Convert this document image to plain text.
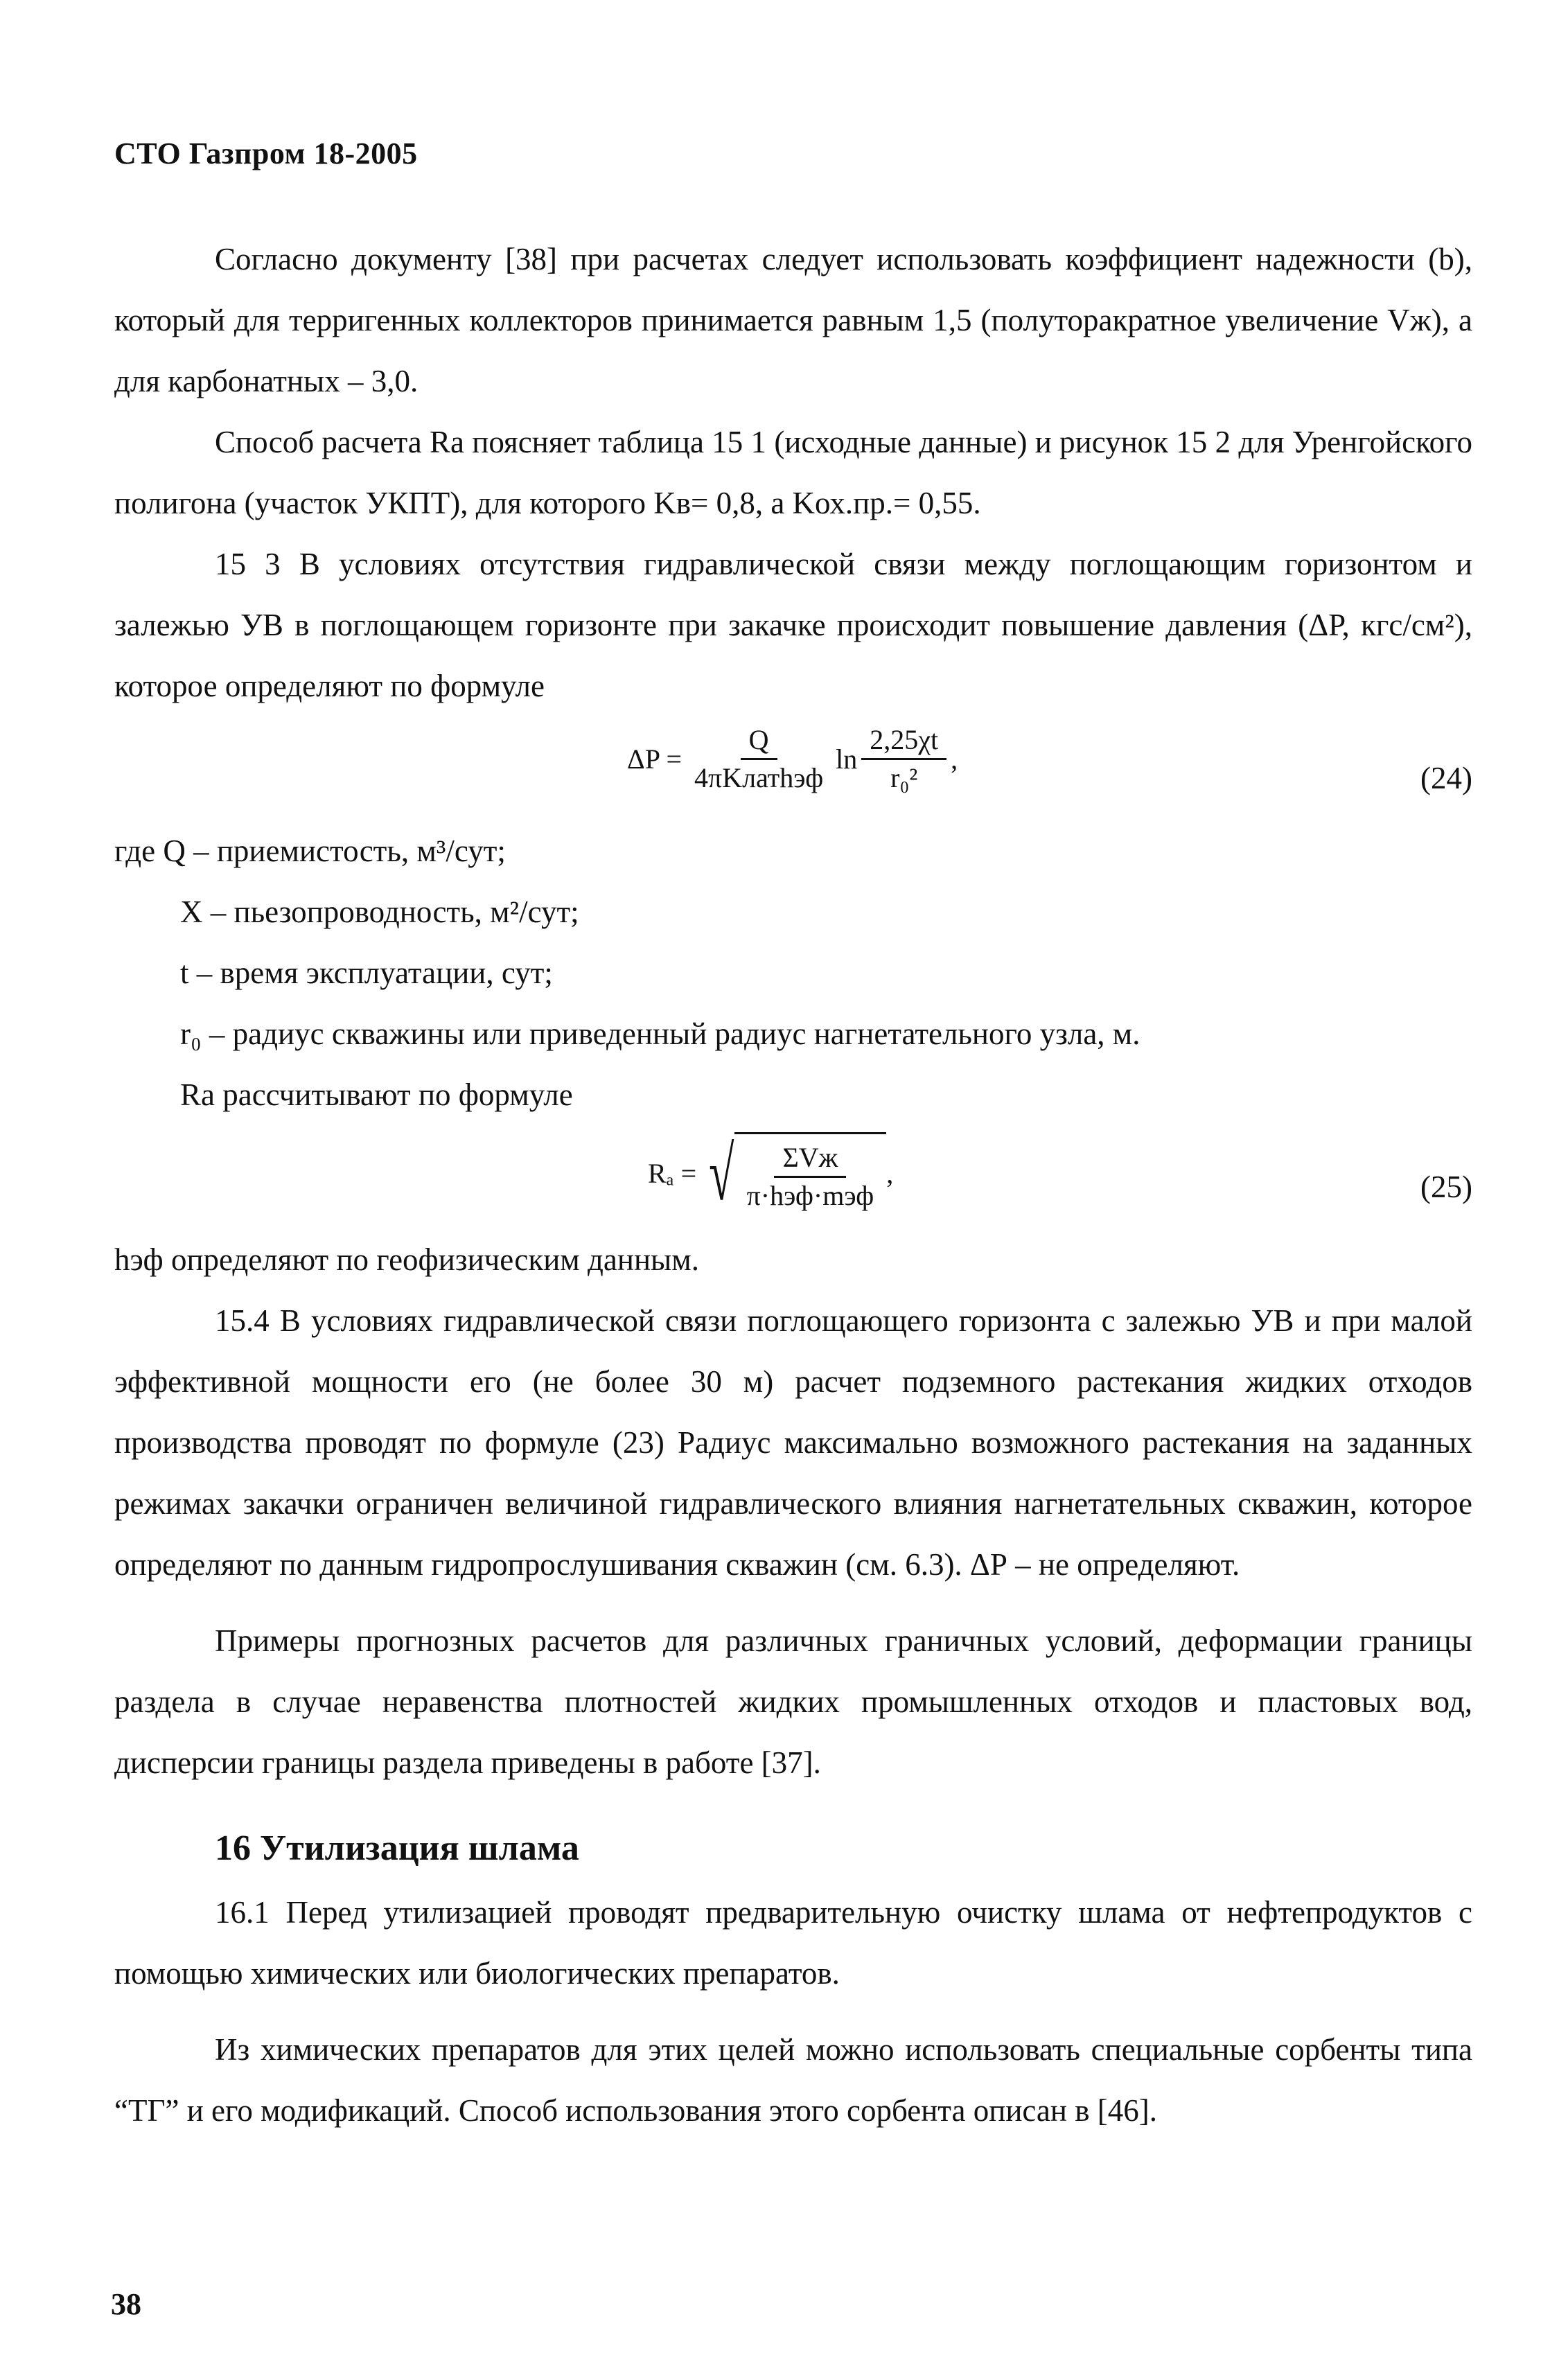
СТО Газпром 18-2005

Согласно документу [38] при расчетах следует использовать коэффициент надежности (b), который для терригенных коллекторов принимается равным 1,5 (полуторакратное увеличение Vж), а для карбонатных – 3,0.

Способ расчета Ra поясняет таблица 15 1 (исходные данные) и рисунок 15 2 для Уренгойского полигона (участок УКПТ), для которого Kв= 0,8, а Kох.пр.= 0,55.

15 3 В условиях отсутствия гидравлической связи между поглощающим горизонтом и залежью УВ в поглощающем горизонте при закачке происходит повышение давления (ΔР, кгс/см²), которое определяют по формуле

$\Delta P = \frac{Q}{\text{4πKлатhэф}}$ $\ln \frac{2,25\chi t}{\text{r₀²}}$ ,
(24)

где Q – приемистость, м³/сут;

Х – пьезопроводность, м²/сут;

t – время эксплуатации, сут;

r₀ – радиус скважины или приведенный радиус нагнетательного узла, м.

Rа рассчитывают по формуле

Rₐ = √ $\frac{\text{ΣVж}}{\text{π·hэф·mэф}}$ ,	(25)

hэф определяют по геофизическим данным.

15.4 В условиях гидравлической связи поглощающего горизонта с залежью УВ и при малой эффективной мощности его (не более 30 м) расчет подземного растекания жидких отходов производства проводят по формуле (23) Радиус максимально возможного растекания на заданных режимах закачки ограничен величиной гидравлического влияния нагнетательных скважин, которое определяют по данным гидропрослушивания скважин (см. 6.3). ΔР – не определяют.

Примеры прогнозных расчетов для различных граничных условий, деформации границы раздела в случае неравенства плотностей жидких промышленных отходов и пластовых вод, дисперсии границы раздела приведены в работе [37].

16 Утилизация шлама

16.1 Перед утилизацией проводят предварительную очистку шлама от нефтепродуктов с помощью химических или биологических препаратов.

Из химических препаратов для этих целей можно использовать специальные сорбенты типа “ТГ” и его модификаций. Способ использования этого сорбента описан в [46].

38
